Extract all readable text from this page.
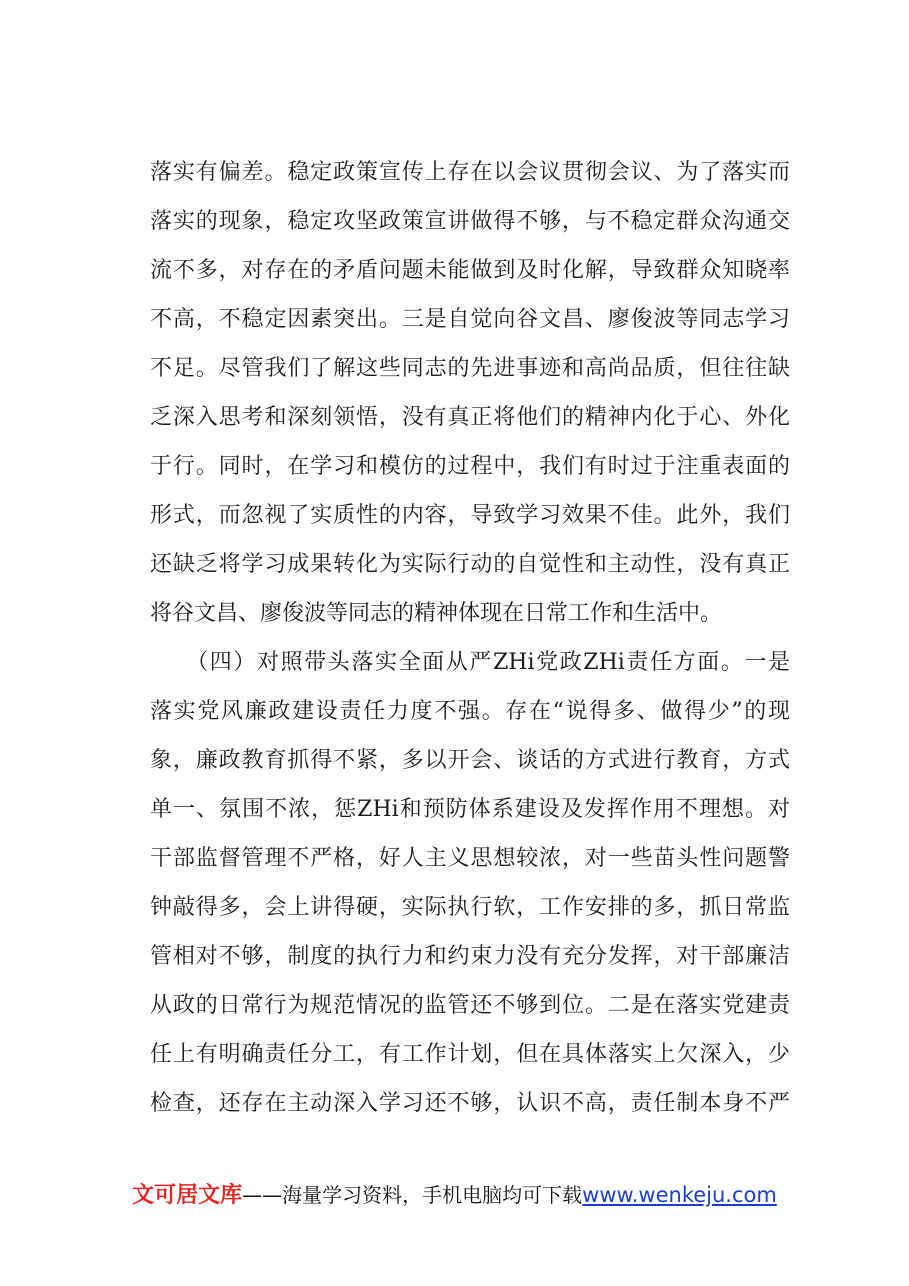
落实有偏差。稳定政策宣传上存在以会议贯彻会议、为了落实而
落实的现象，稳定攻坚政策宣讲做得不够，与不稳定群众沟通交
流不多，对存在的矛盾问题未能做到及时化解，导致群众知晓率
不高，不稳定因素突出。三是自觉向谷文昌、廖俊波等同志学习
不足。尽管我们了解这些同志的先进事迹和高尚品质，但往往缺
乏深入思考和深刻领悟，没有真正将他们的精神内化于心、外化
于行。同时，在学习和模仿的过程中，我们有时过于注重表面的
形式，而忽视了实质性的内容，导致学习效果不佳。此外，我们
还缺乏将学习成果转化为实际行动的自觉性和主动性，没有真正
将谷文昌、廖俊波等同志的精神体现在日常工作和生活中。
　　（四）对照带头落实全面从严ZHi党政ZHi责任方面。一是
落实党风廉政建设责任力度不强。存在“说得多、做得少”的现
象，廉政教育抓得不紧，多以开会、谈话的方式进行教育，方式
单一、氛围不浓，惩ZHi和预防体系建设及发挥作用不理想。对
干部监督管理不严格，好人主义思想较浓，对一些苗头性问题警
钟敲得多，会上讲得硬，实际执行软，工作安排的多，抓日常监
管相对不够，制度的执行力和约束力没有充分发挥，对干部廉洁
从政的日常行为规范情况的监管还不够到位。二是在落实党建责
任上有明确责任分工，有工作计划，但在具体落实上欠深入，少
检查，还存在主动深入学习还不够，认识不高，责任制本身不严
文可居文库——海量学习资料，手机电脑均可下载www.wenkeju.com
